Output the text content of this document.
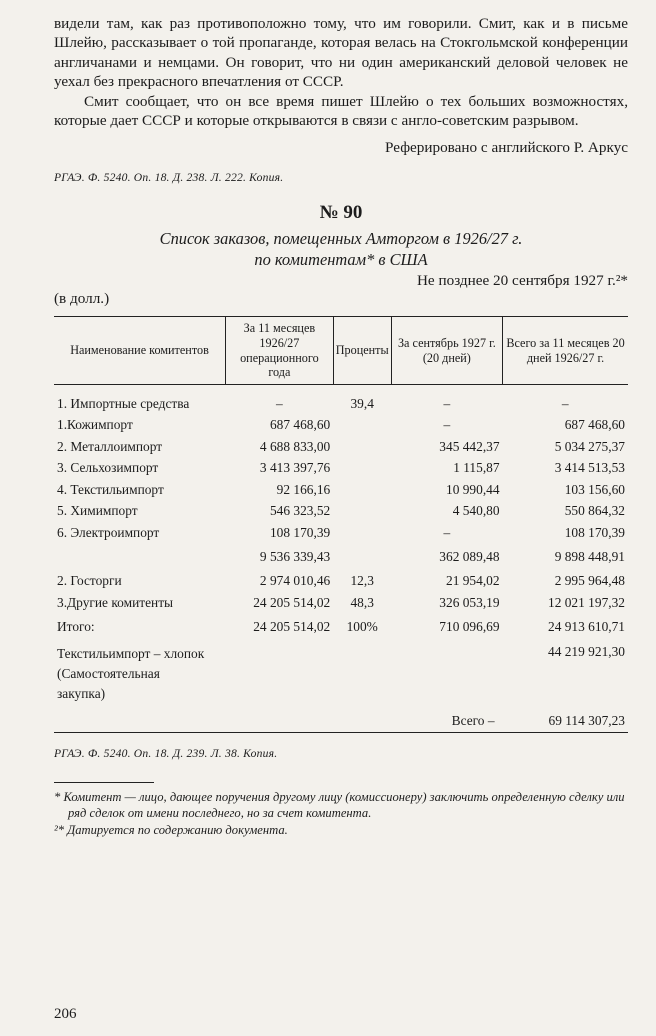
видели там, как раз противоположно тому, что им говорили. Смит, как и в письме Шлейю, рассказывает о той пропаганде, которая велась на Стокгольмской конференции англичанами и немцами. Он говорит, что ни один американский деловой человек не уехал без прекрасного впечатления от СССР.

Смит сообщает, что он все время пишет Шлейю о тех больших возможностях, которые дает СССР и которые открываются в связи с англо-советским разрывом.

Реферировано с английского Р. Аркус

РГАЭ. Ф. 5240. Оп. 18. Д. 238. Л. 222. Копия.

№ 90

Список заказов, помещенных Амторгом в 1926/27 г.
по комитентам* в США

Не позднее 20 сентября 1927 г.²*

(в долл.)

Наименование комитентов	За 11 месяцев 1926/27 операционного года	Проценты	За сентябрь 1927 г. (20 дней)	Всего за 11 месяцев 20 дней 1926/27 г.

1. Импортные средства	–	39,4	–	–
1.Кожимпорт	687 468,60		–	687 468,60
2. Металлоимпорт	4 688 833,00		345 442,37	5 034 275,37
3. Сельхозимпорт	3 413 397,76		1 115,87	3 414 513,53
4. Текстильимпорт	92 166,16		10 990,44	103 156,60
5. Химимпорт	546 323,52		4 540,80	550 864,32
6. Электроимпорт	108 170,39		–	108 170,39
	9 536 339,43		362 089,48	9 898 448,91
2. Госторги	2 974 010,46	12,3	21 954,02	2 995 964,48
3.Другие комитенты	24 205 514,02	48,3	326 053,19	12 021 197,32
Итого:	24 205 514,02	100%	710 096,69	24 913 610,71
Текстильимпорт – хлопок
(Самостоятельная
закупка)				44 219 921,30
			Всего –	69 114 307,23

РГАЭ. Ф. 5240. Оп. 18. Д. 239. Л. 38. Копия.

* Комитент — лицо, дающее поручения другому лицу (комиссионеру) заключить определенную сделку или ряд сделок от имени последнего, но за счет комитента.

²* Датируется по содержанию документа.

206
